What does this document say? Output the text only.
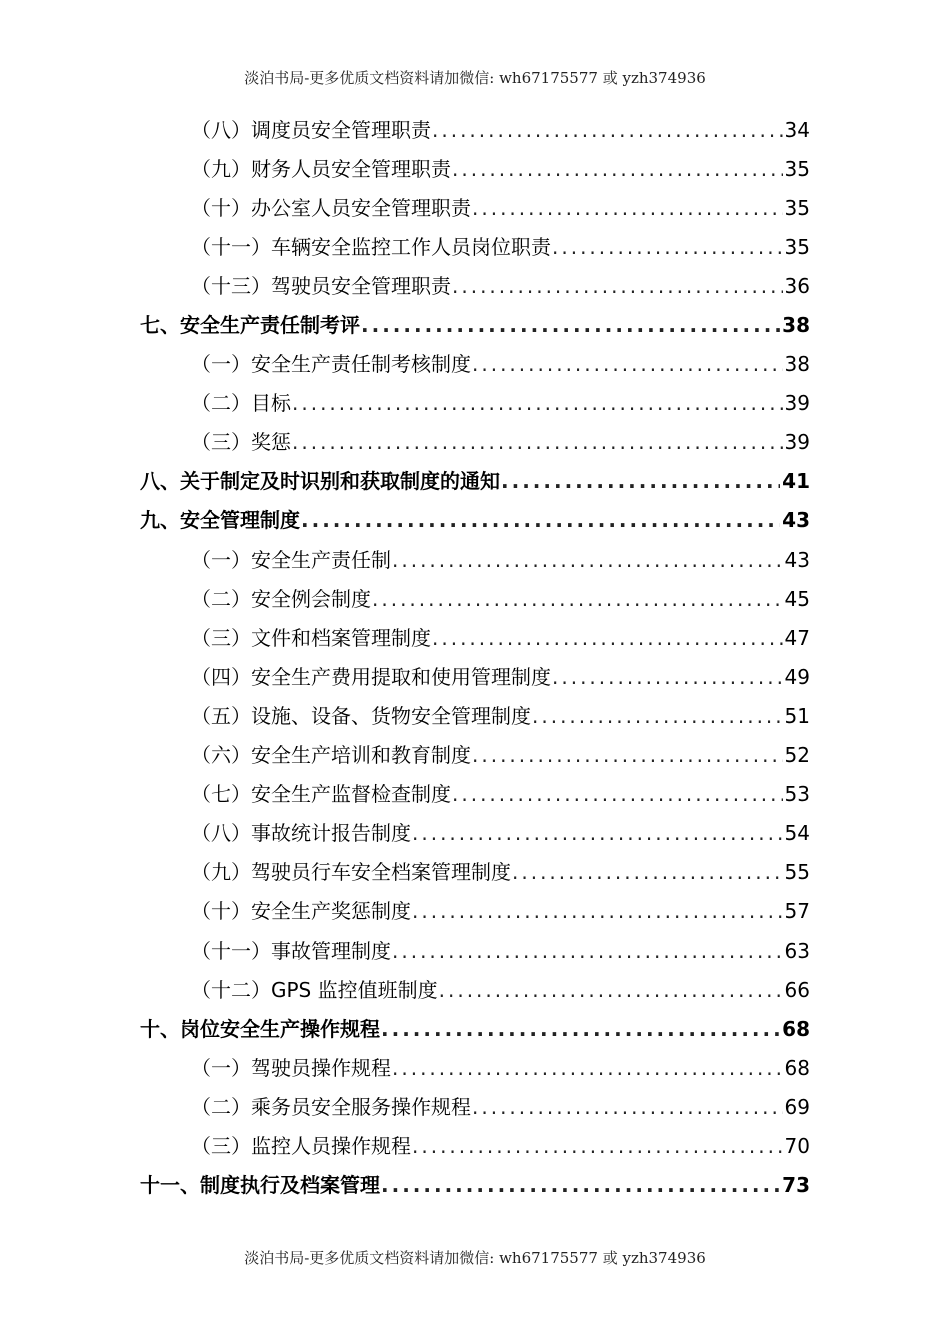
淡泊书局-更多优质文档资料请加微信: wh67175577 或 yzh374936
（八）调度员安全管理职责 .....	34
（九）财务人员安全管理职责 .....	35
（十）办公室人员安全管理职责 .....	35
（十一）车辆安全监控工作人员岗位职责 .....	35
（十三）驾驶员安全管理职责 .....	36
七、安全生产责任制考评 .....	38
（一）安全生产责任制考核制度 .....	38
（二）目标 .....	39
（三）奖惩 .....	39
八、关于制定及时识别和获取制度的通知 .....	41
九、安全管理制度 .....	43
（一）安全生产责任制 .....	43
（二）安全例会制度 .....	45
（三）文件和档案管理制度 .....	47
（四）安全生产费用提取和使用管理制度 .....	49
（五）设施、设备、货物安全管理制度 .....	51
（六）安全生产培训和教育制度 .....	52
（七）安全生产监督检查制度 .....	53
（八）事故统计报告制度 .....	54
（九）驾驶员行车安全档案管理制度 .....	55
（十）安全生产奖惩制度 .....	57
（十一）事故管理制度 .....	63
（十二）GPS 监控值班制度 .....	66
十、岗位安全生产操作规程 .....	68
（一）驾驶员操作规程 .....	68
（二）乘务员安全服务操作规程 .....	69
（三）监控人员操作规程 .....	70
十一、制度执行及档案管理 .....	73
淡泊书局-更多优质文档资料请加微信: wh67175577 或 yzh374936
